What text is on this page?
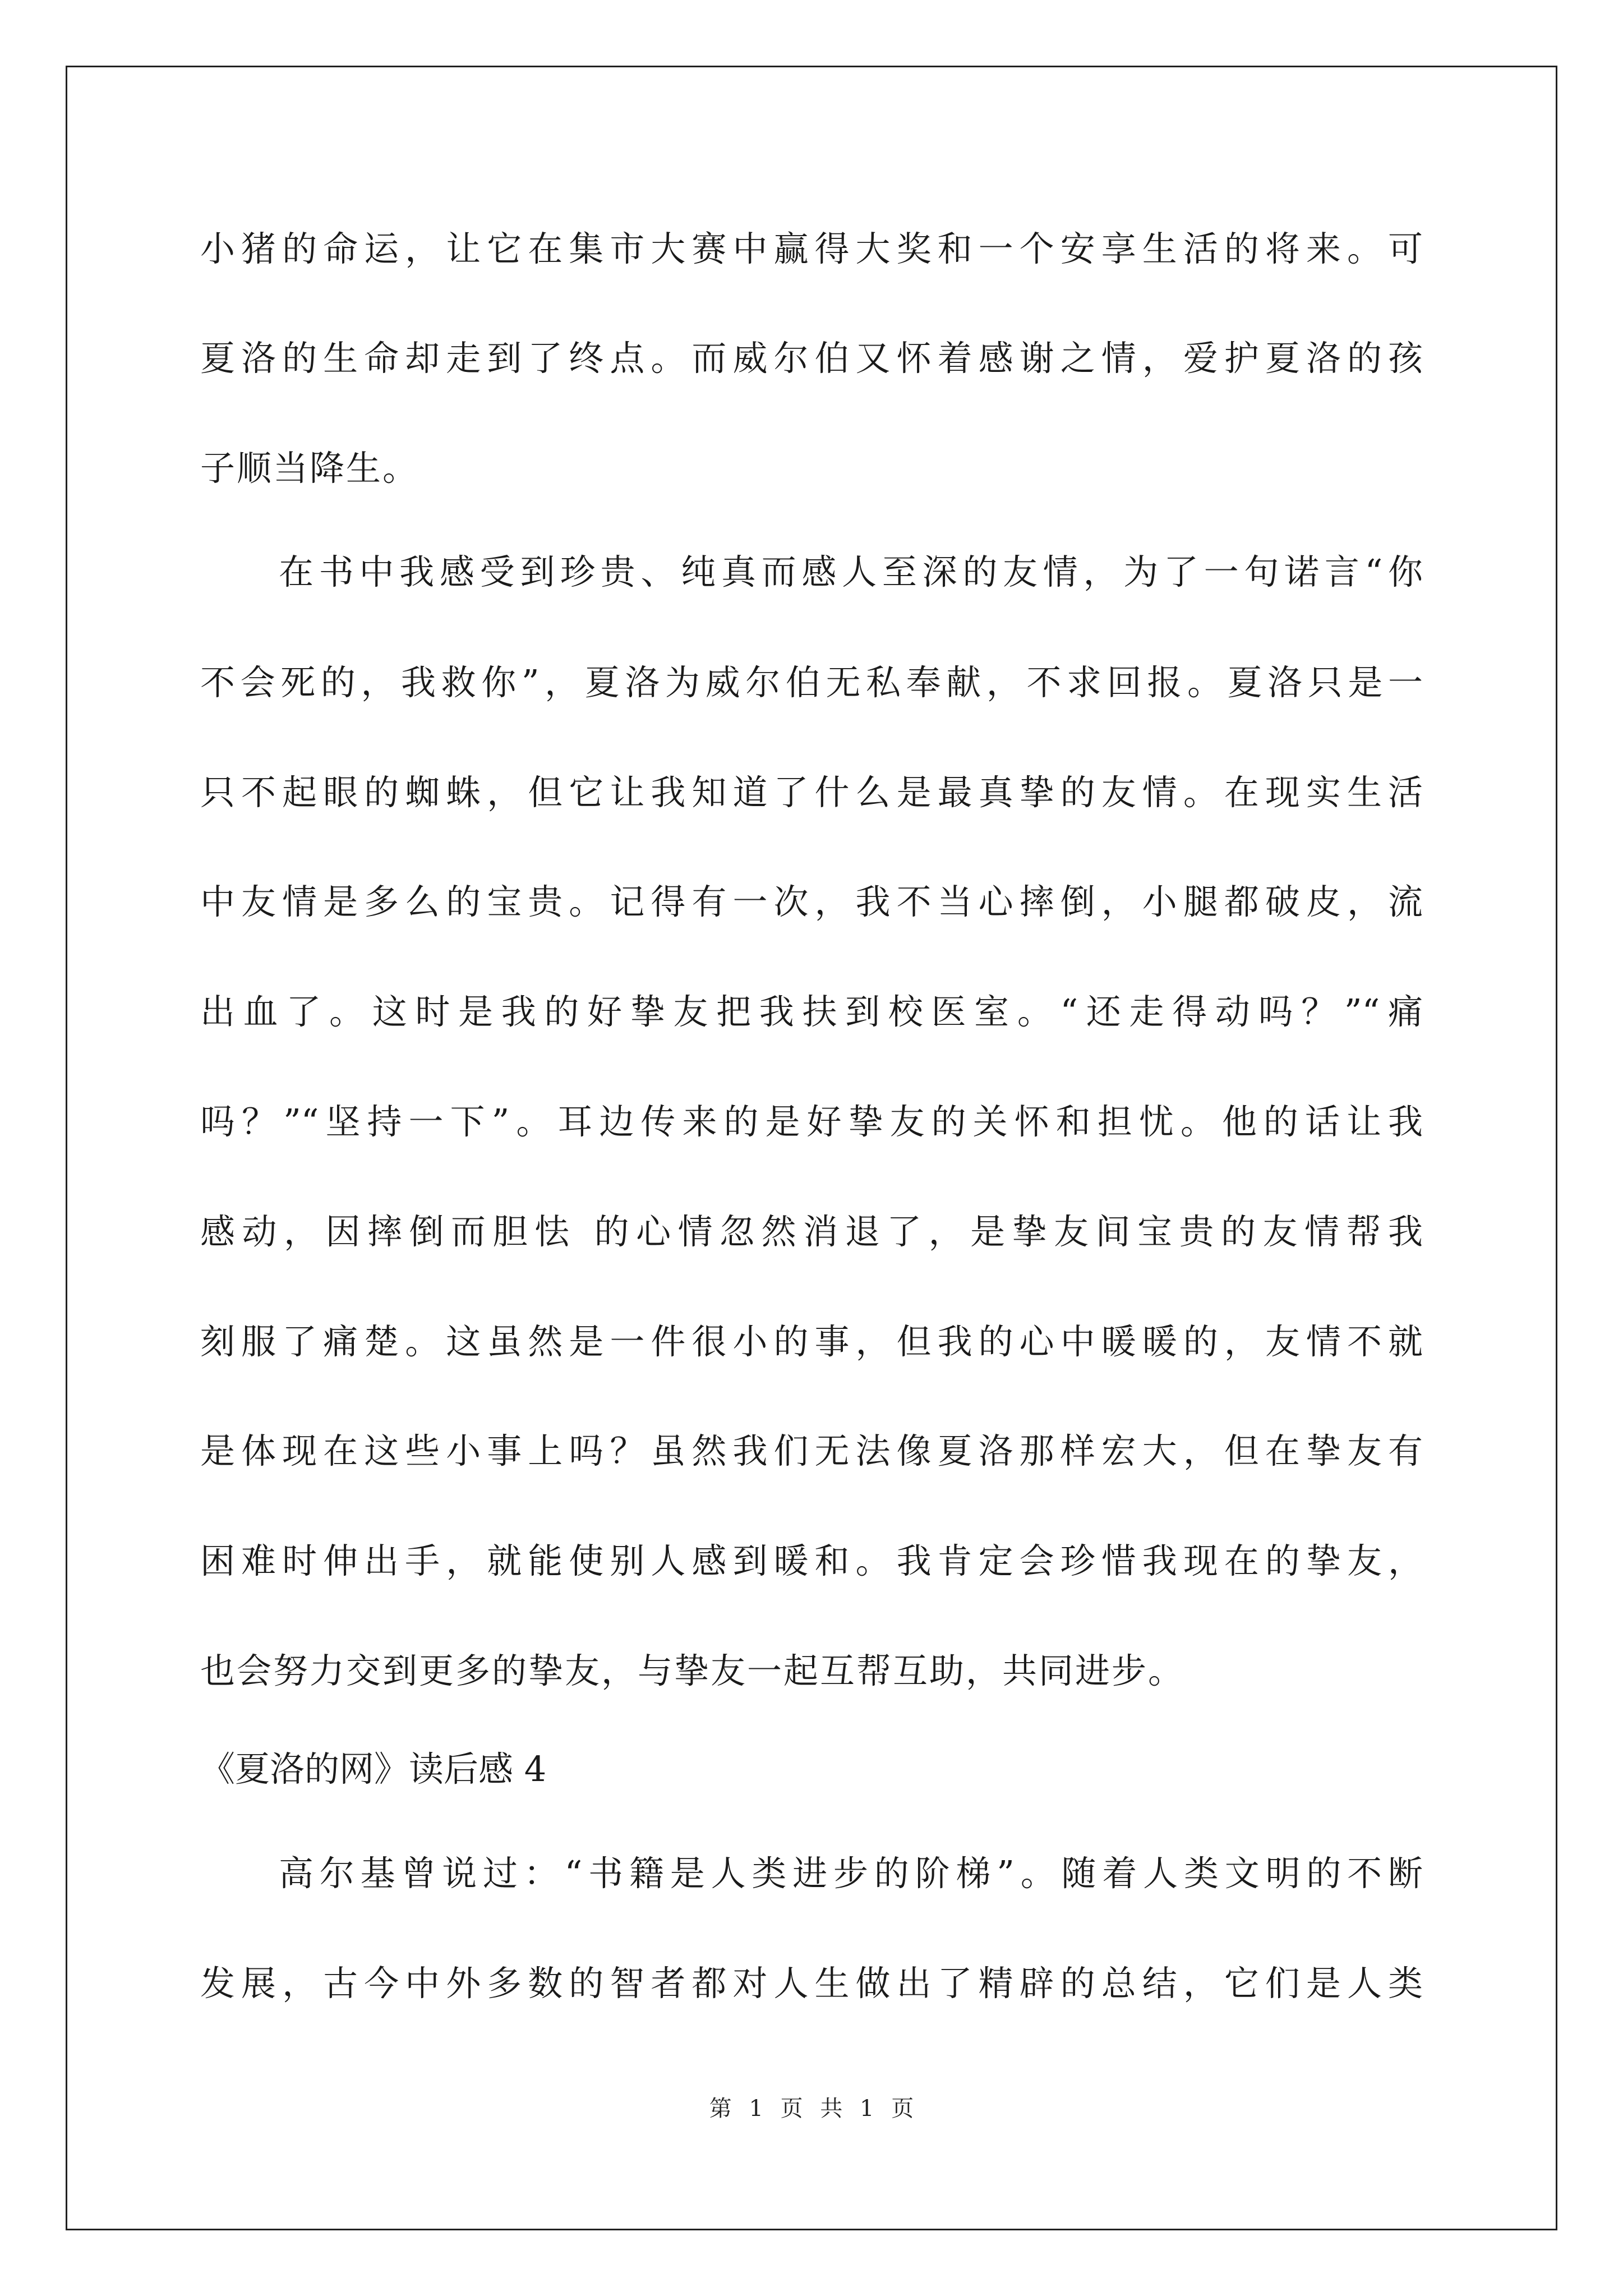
小猪的命运，让它在集市大赛中赢得大奖和一个安享生活的将来。可
夏洛的生命却走到了终点。而威尔伯又怀着感谢之情，爱护夏洛的孩
子顺当降生。
在书中我感受到珍贵、纯真而感人至深的友情，为了一句诺言“你
不会死的，我救你”，夏洛为威尔伯无私奉献，不求回报。夏洛只是一
只不起眼的蜘蛛，但它让我知道了什么是最真挚的友情。在现实生活
中友情是多么的宝贵。记得有一次，我不当心摔倒，小腿都破皮，流
出血了。这时是我的好挚友把我扶到校医室。“还走得动吗？”“痛
吗？”“坚持一下”。耳边传来的是好挚友的关怀和担忧。他的话让我
感动，因摔倒而胆怯 的心情忽然消退了，是挚友间宝贵的友情帮我
刻服了痛楚。这虽然是一件很小的事，但我的心中暖暖的，友情不就
是体现在这些小事上吗？虽然我们无法像夏洛那样宏大，但在挚友有
困难时伸出手，就能使别人感到暖和。我肯定会珍惜我现在的挚友，
也会努力交到更多的挚友，与挚友一起互帮互助，共同进步。
《夏洛的网》读后感 4
高尔基曾说过：“书籍是人类进步的阶梯”。随着人类文明的不断
发展，古今中外多数的智者都对人生做出了精辟的总结，它们是人类
第 1 页 共 1 页
